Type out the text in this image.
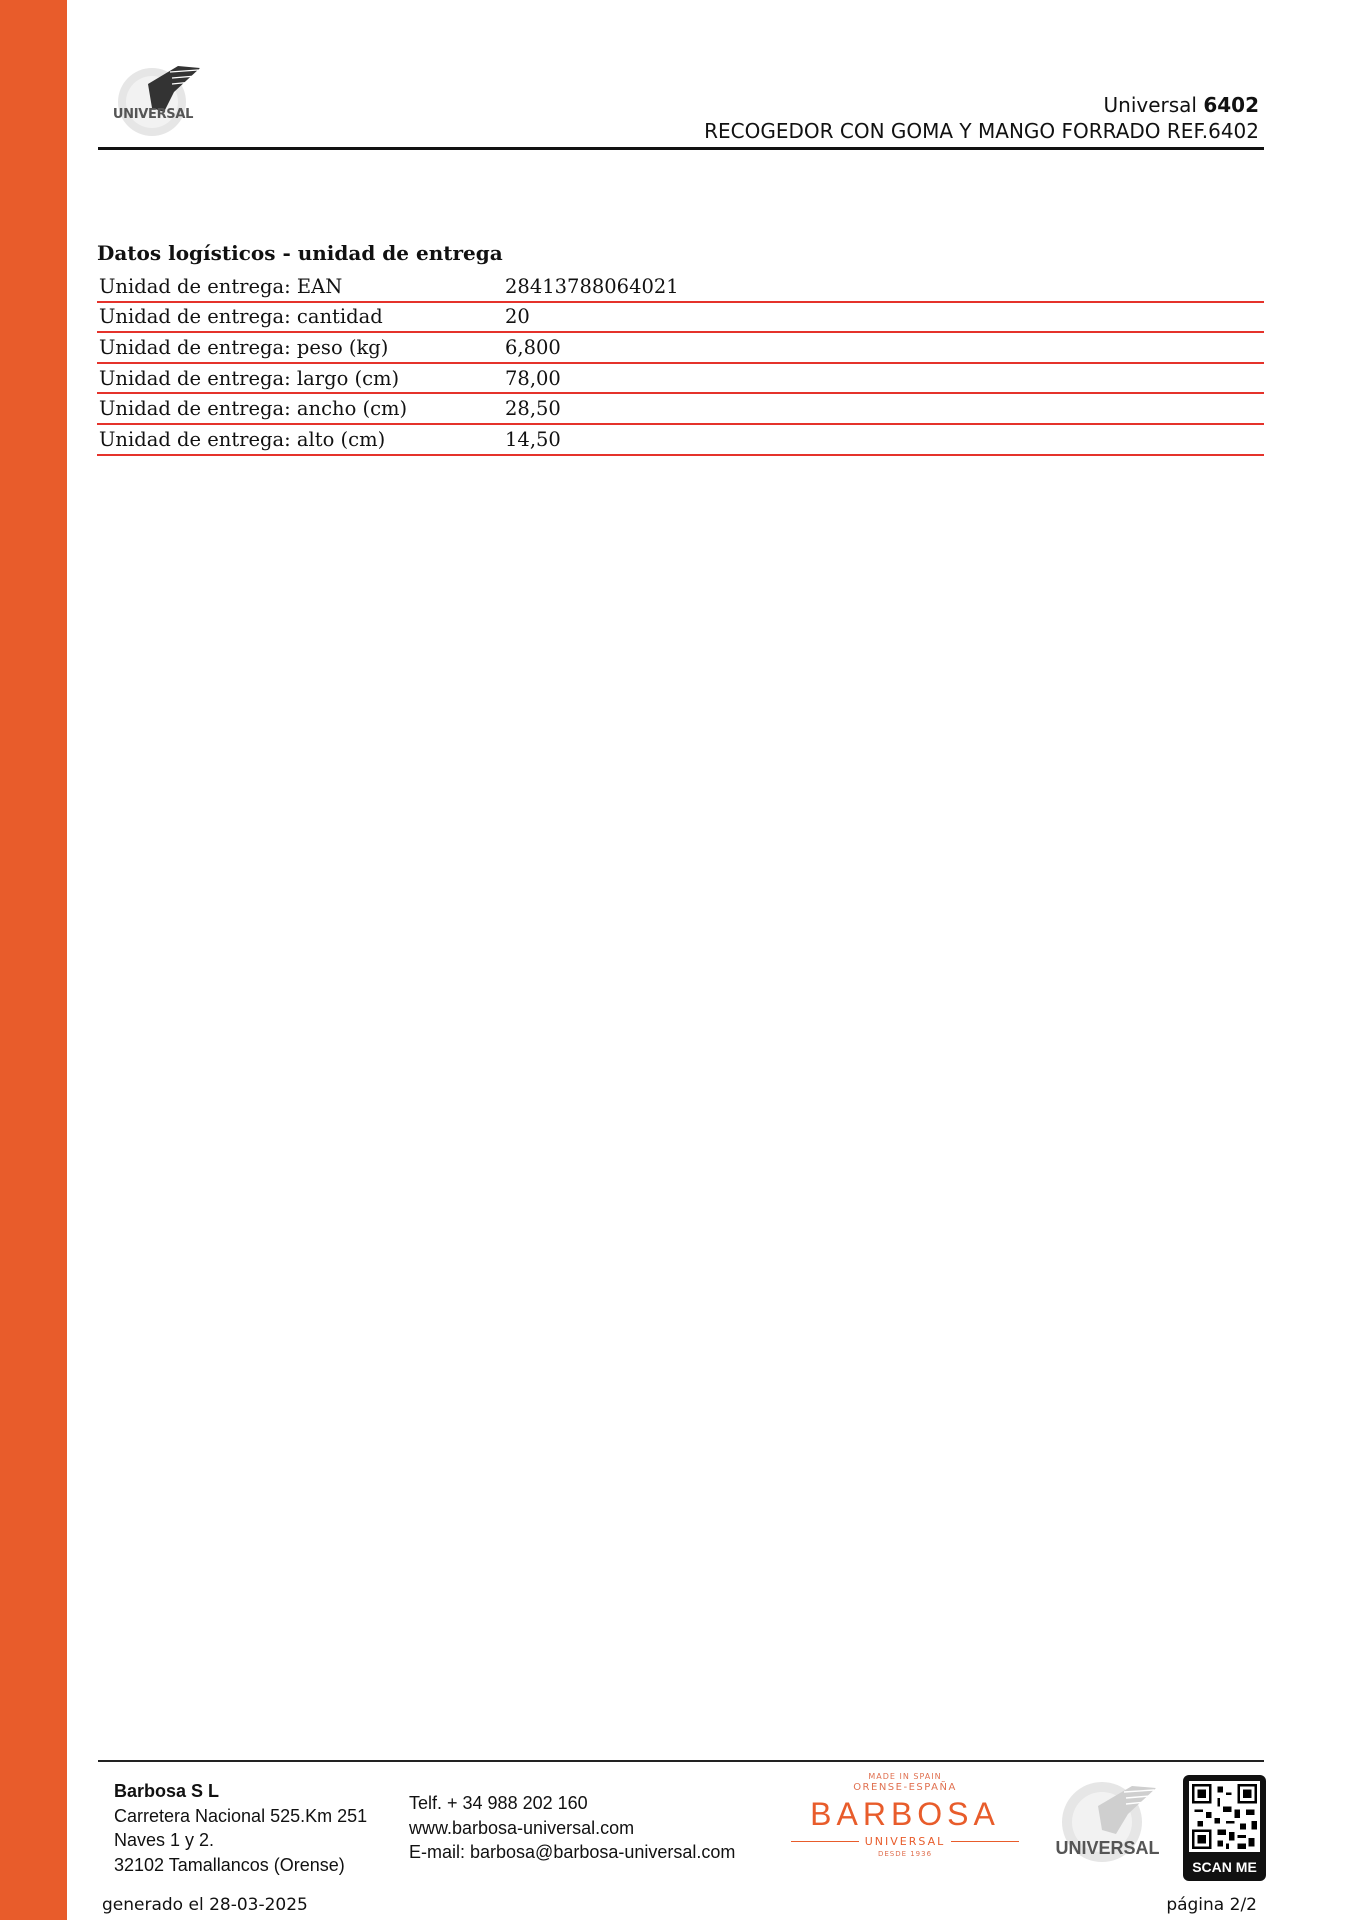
UNIVERSAL	Universal 6402
RECOGEDOR CON GOMA Y MANGO FORRADO REF.6402
Datos logísticos - unidad de entrega
Unidad de entrega: EAN	28413788064021
Unidad de entrega: cantidad	20
Unidad de entrega: peso (kg)	6,800
Unidad de entrega: largo (cm)	78,00
Unidad de entrega: ancho (cm)	28,50
Unidad de entrega: alto (cm)	14,50
Barbosa S L
Carretera Nacional 525.Km 251
Naves 1 y 2.
32102 Tamallancos (Orense)
Telf. + 34 988 202 160
www.barbosa-universal.com
E-mail: barbosa@barbosa-universal.com
MADE IN SPAIN
ORENSE-ESPAÑA
BARBOSA
UNIVERSAL
DESDE 1936	UNIVERSAL
SCAN ME
generado el 28-03-2025	página 2/2
